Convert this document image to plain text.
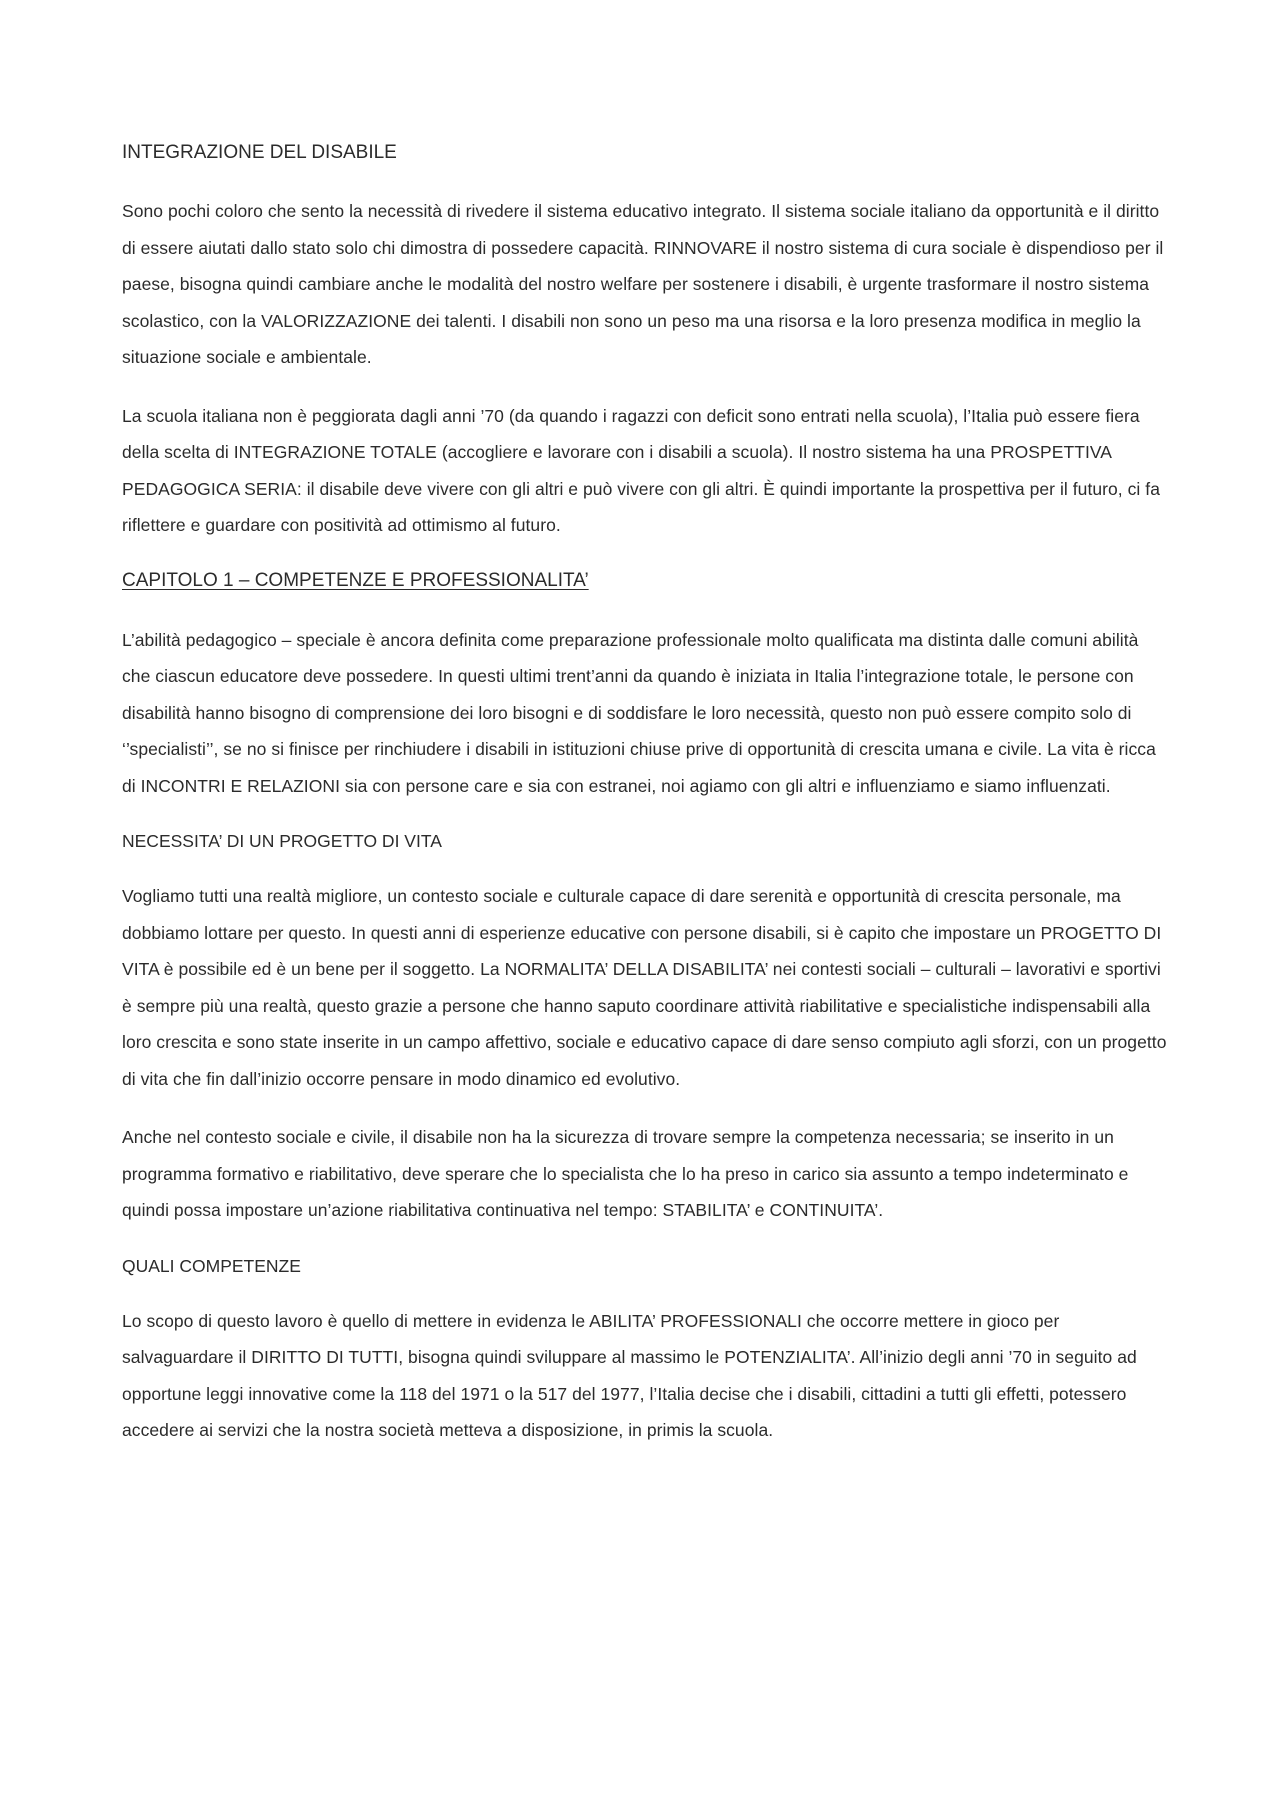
INTEGRAZIONE DEL DISABILE

Sono pochi coloro che sento la necessità di rivedere il sistema educativo integrato. Il sistema sociale italiano da opportunità e il diritto di essere aiutati dallo stato solo chi dimostra di possedere capacità. RINNOVARE il nostro sistema di cura sociale è dispendioso per il paese, bisogna quindi cambiare anche le modalità del nostro welfare per sostenere i disabili, è urgente trasformare il nostro sistema scolastico, con la VALORIZZAZIONE dei talenti. I disabili non sono un peso ma una risorsa e la loro presenza modifica in meglio la situazione sociale e ambientale.

La scuola italiana non è peggiorata dagli anni ’70 (da quando i ragazzi con deficit sono entrati nella scuola), l’Italia può essere fiera della scelta di INTEGRAZIONE TOTALE (accogliere e lavorare con i disabili a scuola). Il nostro sistema ha una PROSPETTIVA PEDAGOGICA SERIA: il disabile deve vivere con gli altri e può vivere con gli altri. È quindi importante la prospettiva per il futuro, ci fa riflettere e guardare con positività ad ottimismo al futuro.

CAPITOLO 1 – COMPETENZE E PROFESSIONALITA’

L’abilità pedagogico – speciale è ancora definita come preparazione professionale molto qualificata ma distinta dalle comuni abilità che ciascun educatore deve possedere. In questi ultimi trent’anni da quando è iniziata in Italia l’integrazione totale, le persone con disabilità hanno bisogno di comprensione dei loro bisogni e di soddisfare le loro necessità, questo non può essere compito solo di ‘’specialisti’’, se no si finisce per rinchiudere i disabili in istituzioni chiuse prive di opportunità di crescita umana e civile. La vita è ricca di INCONTRI E RELAZIONI sia con persone care e sia con estranei, noi agiamo con gli altri e influenziamo e siamo influenzati.

NECESSITA’ DI UN PROGETTO DI VITA

Vogliamo tutti una realtà migliore, un contesto sociale e culturale capace di dare serenità e opportunità di crescita personale, ma dobbiamo lottare per questo. In questi anni di esperienze educative con persone disabili, si è capito che impostare un PROGETTO DI VITA è possibile ed è un bene per il soggetto. La NORMALITA’ DELLA DISABILITA’ nei contesti sociali – culturali – lavorativi e sportivi è sempre più una realtà, questo grazie a persone che hanno saputo coordinare attività riabilitative e specialistiche indispensabili alla loro crescita e sono state inserite in un campo affettivo, sociale e educativo capace di dare senso compiuto agli sforzi, con un progetto di vita che fin dall’inizio occorre pensare in modo dinamico ed evolutivo.

Anche nel contesto sociale e civile, il disabile non ha la sicurezza di trovare sempre la competenza necessaria; se inserito in un programma formativo e riabilitativo, deve sperare che lo specialista che lo ha preso in carico sia assunto a tempo indeterminato e quindi possa impostare un’azione riabilitativa continuativa nel tempo: STABILITA’ e CONTINUITA’.

QUALI COMPETENZE

Lo scopo di questo lavoro è quello di mettere in evidenza le ABILITA’ PROFESSIONALI che occorre mettere in gioco per salvaguardare il DIRITTO DI TUTTI, bisogna quindi sviluppare al massimo le POTENZIALITA’. All’inizio degli anni ’70 in seguito ad opportune leggi innovative come la 118 del 1971 o la 517 del 1977, l’Italia decise che i disabili, cittadini a tutti gli effetti, potessero accedere ai servizi che la nostra società metteva a disposizione, in primis la scuola.
